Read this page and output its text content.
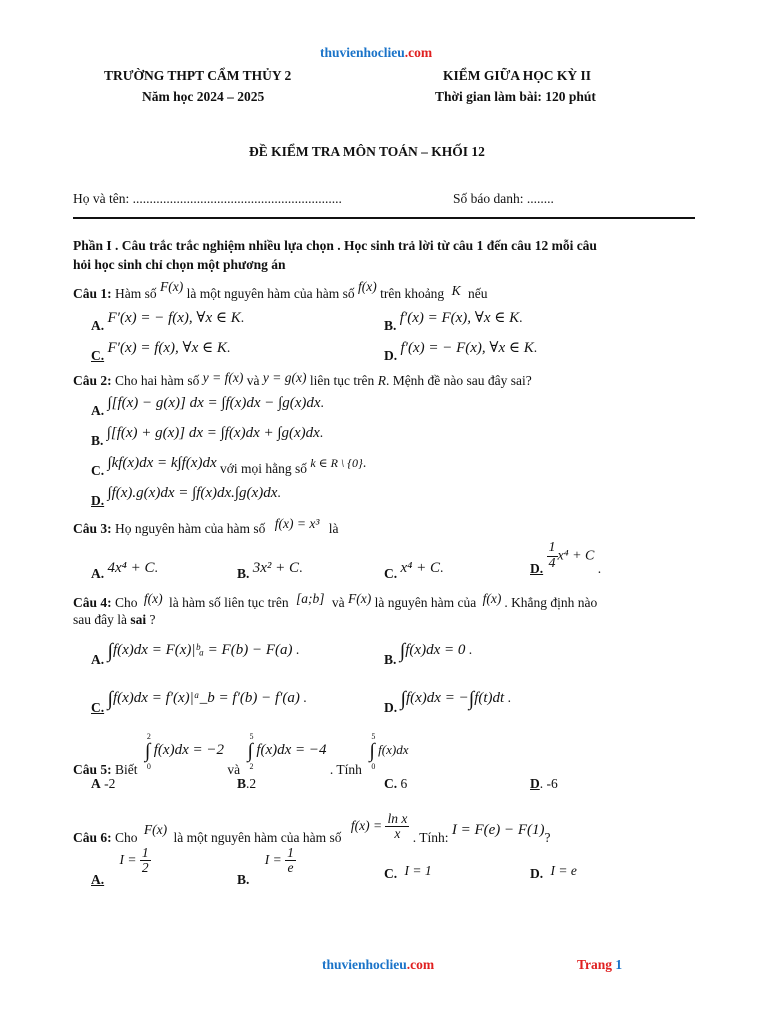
thuvienhoclieu.com
TRƯỜNG THPT CẨM THỦY 2
Năm học 2024 – 2025
KIỂM GIỮA HỌC KỲ II
Thời gian làm bài: 120 phút
ĐỀ KIỂM TRA MÔN TOÁN – KHỐI 12
Họ và tên: ..............................................................	Số báo danh: ........
Phần I . Câu trắc trắc nghiệm nhiều lựa chọn . Học sinh trả lời từ câu 1 đến câu 12 mỗi câu
hỏi học sinh chỉ chọn một phương án
Câu 1: Hàm số F(x) là một nguyên hàm của hàm số f(x) trên khoảng K nếu
A. F′(x) = − f(x), ∀x ∈ K.
B. f′(x) = F(x), ∀x ∈ K.
C. F′(x) = f(x), ∀x ∈ K.
D. f′(x) = − F(x), ∀x ∈ K.
Câu 2: Cho hai hàm số y = f(x) và y = g(x) liên tục trên R. Mệnh đề nào sau đây sai?
A. ∫[f(x) − g(x)] dx = ∫f(x)dx − ∫g(x)dx.
B. ∫[f(x) + g(x)] dx = ∫f(x)dx + ∫g(x)dx.
C. ∫kf(x)dx = k∫f(x)dx với mọi hằng số k ∈ R \ {0}.
D. ∫f(x).g(x)dx = ∫f(x)dx.∫g(x)dx.
Câu 3: Họ nguyên hàm của hàm số f(x) = x³ là
A. 4x⁴ + C.	B. 3x² + C.	C. x⁴ + C.	D. $\frac{1}{4} x^4 + C$ .
Câu 4: Cho f(x) là hàm số liên tục trên [a;b] và F(x) là nguyên hàm của f(x) . Khẳng định nào
sau đây là sai ?
A. ∫f(x)dx = F(x)|ᵇₐ = F(b) − F(a) .
B. ∫f(x)dx = 0 .
C. ∫f(x)dx = f′(x)|ᵃ_b = f′(b) − f′(a) .
D. ∫f(x)dx = −∫f(t)dt .
Câu 5: Biết
2
∫
0
f(x)dx = −2 và
5
∫
2
f(x)dx = −4 . Tính
5
∫
0
f(x)dx
A -2	B.2	C. 6	D. -6
Câu 6: Cho F(x) là một nguyên hàm của hàm số $f(x) = \frac{\text{ln x}}{x}$ . Tính: I = F(e) − F(1)?
A. $I = \frac{1}{2}$
B. $I = \frac{1}{e}$	C. I = 1	D. I = e
thuvienhoclieu.com	Trang 1
